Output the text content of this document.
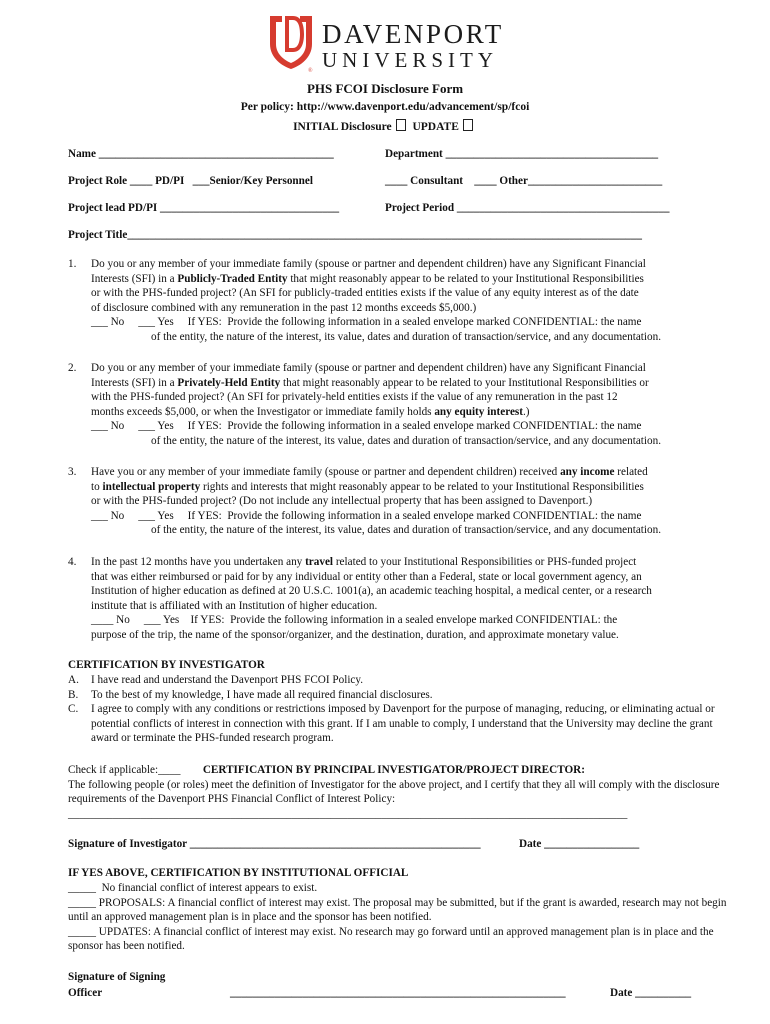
DAVENPORT
UNIVERSITY
®
PHS FCOI Disclosure Form
Per policy: http://www.davenport.edu/advancement/sp/fcoi
INITIAL Disclosure UPDATE
Name __________________________________________	Department ______________________________________
Project Role ____ PD/PI   ___Senior/Key Personnel	____ Consultant    ____ Other________________________
Project lead PD/PI ________________________________	Project Period ______________________________________
Project Title____________________________________________________________________________________________
1. Do you or any member of your immediate family (spouse or partner and dependent children) have any Significant Financial

Interests (SFI) in a Publicly-Traded Entity that might reasonably appear to be related to your Institutional Responsibilities

or with the PHS-funded project? (An SFI for publicly-traded entities exists if the value of any equity interest as of the date

of disclosure combined with any remuneration in the past 12 months exceeds $5,000.)

___ No     ___ Yes     If YES:  Provide the following information in a sealed envelope marked CONFIDENTIAL: the name

of the entity, the nature of the interest, its value, dates and duration of transaction/service, and any documentation.

2. Do you or any member of your immediate family (spouse or partner and dependent children) have any Significant Financial

Interests (SFI) in a Privately-Held Entity that might reasonably appear to be related to your Institutional Responsibilities or

with the PHS-funded project? (An SFI for privately-held entities exists if the value of any remuneration in the past 12

months exceeds $5,000, or when the Investigator or immediate family holds any equity interest.)

___ No     ___ Yes     If YES:  Provide the following information in a sealed envelope marked CONFIDENTIAL: the name

of the entity, the nature of the interest, its value, dates and duration of transaction/service, and any documentation.

3. Have you or any member of your immediate family (spouse or partner and dependent children) received any income related

to intellectual property rights and interests that might reasonably appear to be related to your Institutional Responsibilities

or with the PHS-funded project? (Do not include any intellectual property that has been assigned to Davenport.)

___ No     ___ Yes     If YES:  Provide the following information in a sealed envelope marked CONFIDENTIAL: the name

of the entity, the nature of the interest, its value, dates and duration of transaction/service, and any documentation.

4. In the past 12 months have you undertaken any travel related to your Institutional Responsibilities or PHS-funded project

that was either reimbursed or paid for by any individual or entity other than a Federal, state or local government agency, an

Institution of higher education as defined at 20 U.S.C. 1001(a), an academic teaching hospital, a medical center, or a research

institute that is affiliated with an Institution of higher education.

____ No     ___ Yes    If YES:  Provide the following information in a sealed envelope marked CONFIDENTIAL: the

purpose of the trip, the name of the sponsor/organizer, and the destination, duration, and approximate monetary value.

CERTIFICATION BY INVESTIGATOR
A. I have read and understand the Davenport PHS FCOI Policy.
B. To the best of my knowledge, I have made all required financial disclosures.
C. I agree to comply with any conditions or restrictions imposed by Davenport for the purpose of managing, reducing, or eliminating actual or potential conflicts of interest in connection with this grant. If I am unable to comply, I understand that the University may decline the grant award or terminate the PHS-funded research program.

Check if applicable:____ CERTIFICATION BY PRINCIPAL INVESTIGATOR/PROJECT DIRECTOR:

The following people (or roles) meet the definition of Investigator for the above project, and I certify that they all will comply with the disclosure requirements of the Davenport PHS Financial Conflict of Interest Policy:

____________________________________________________________________________________________________

Signature of Investigator ____________________________________________________	Date _________________
IF YES ABOVE, CERTIFICATION BY INSTITUTIONAL OFFICIAL

_____  No financial conflict of interest appears to exist.

_____ PROPOSALS: A financial conflict of interest may exist. The proposal may be submitted, but if the grant is awarded, research may not begin until an approved management plan is in place and the sponsor has been notified.

_____ UPDATES: A financial conflict of interest may exist. No research may go forward until an approved management plan is in place and the sponsor has been notified.

Signature of Signing
Officer	____________________________________________________________	Date __________
